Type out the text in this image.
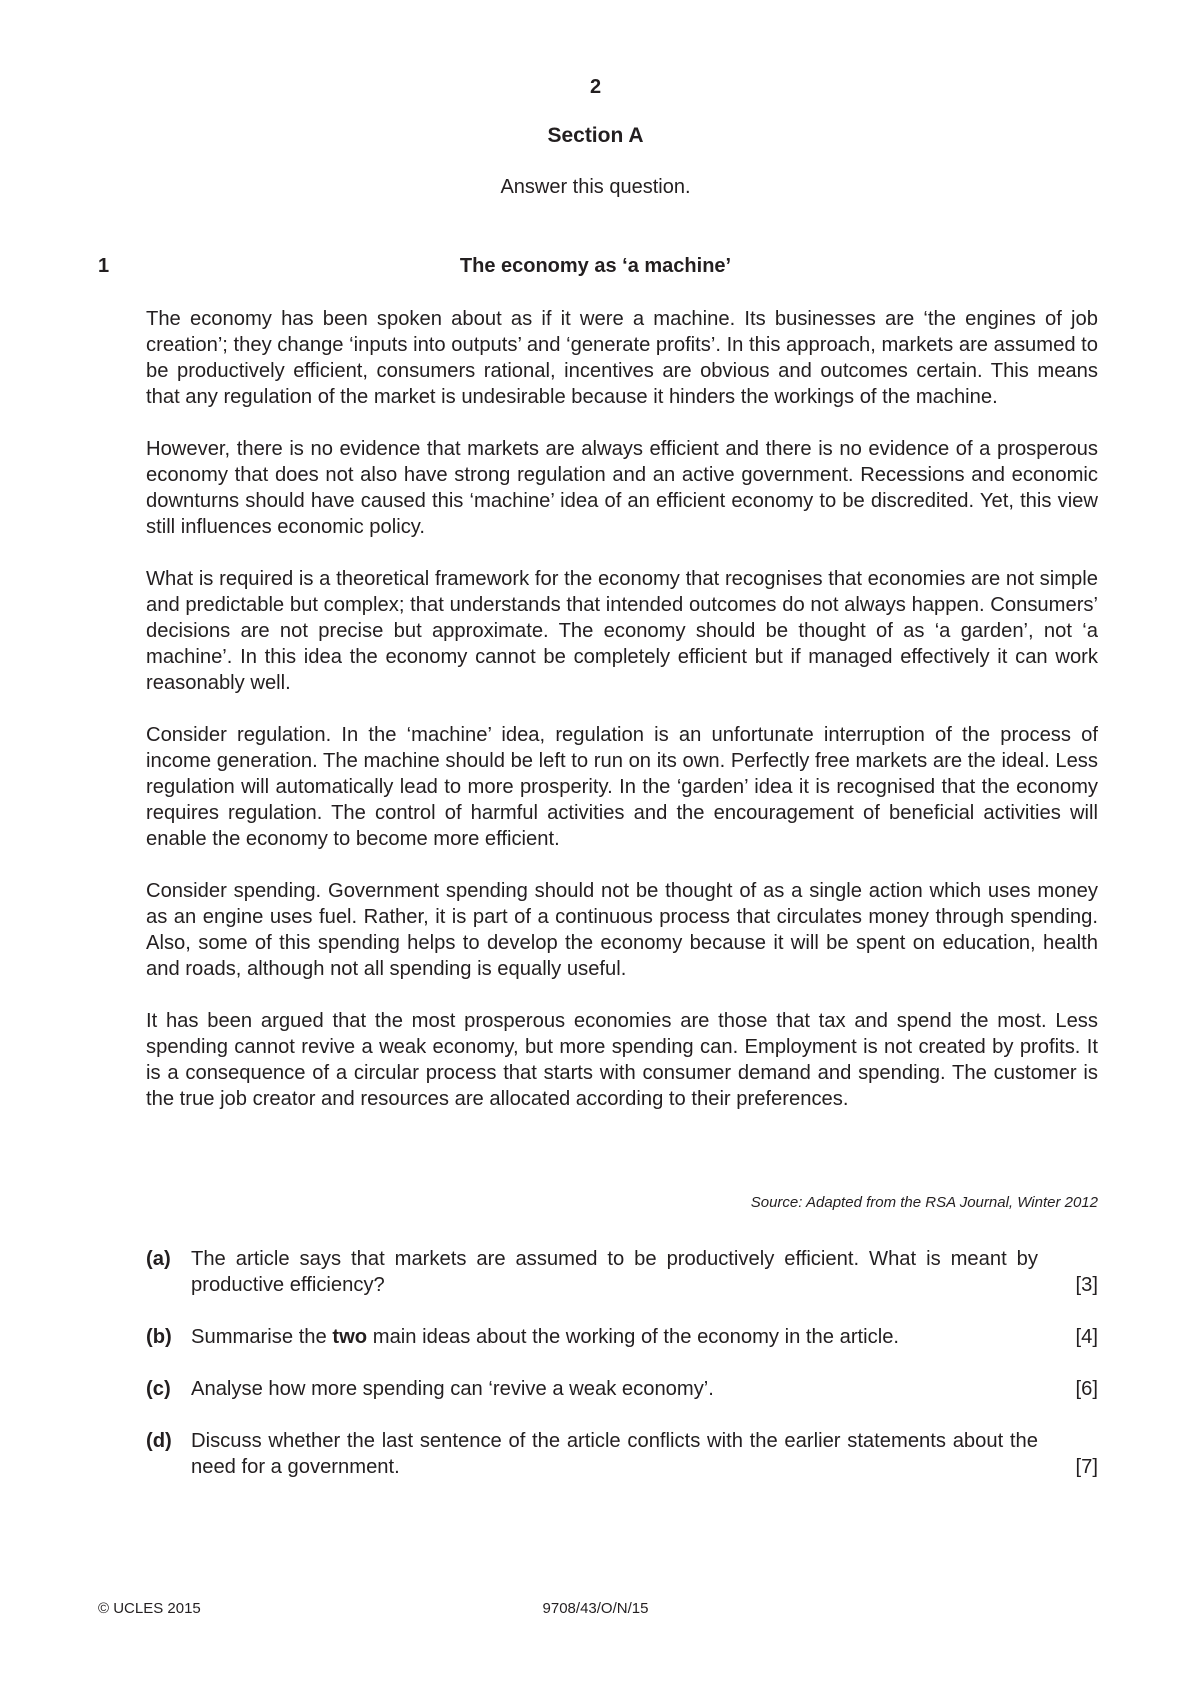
2
Section A
Answer this question.
1	The economy as ‘a machine’

The economy has been spoken about as if it were a machine. Its businesses are ‘the engines of job creation’; they change ‘inputs into outputs’ and ‘generate profits’. In this approach, markets are assumed to be productively efficient, consumers rational, incentives are obvious and outcomes certain. This means that any regulation of the market is undesirable because it hinders the workings of the machine.

However, there is no evidence that markets are always efficient and there is no evidence of a prosperous economy that does not also have strong regulation and an active government. Recessions and economic downturns should have caused this ‘machine’ idea of an efficient economy to be discredited. Yet, this view still influences economic policy.

What is required is a theoretical framework for the economy that recognises that economies are not simple and predictable but complex; that understands that intended outcomes do not always happen. Consumers’ decisions are not precise but approximate. The economy should be thought of as ‘a garden’, not ‘a machine’. In this idea the economy cannot be completely efficient but if managed effectively it can work reasonably well.

Consider regulation. In the ‘machine’ idea, regulation is an unfortunate interruption of the process of income generation. The machine should be left to run on its own. Perfectly free markets are the ideal. Less regulation will automatically lead to more prosperity. In the ‘garden’ idea it is recognised that the economy requires regulation. The control of harmful activities and the encouragement of beneficial activities will enable the economy to become more efficient.

Consider spending. Government spending should not be thought of as a single action which uses money as an engine uses fuel. Rather, it is part of a continuous process that circulates money through spending. Also, some of this spending helps to develop the economy because it will be spent on education, health and roads, although not all spending is equally useful.

It has been argued that the most prosperous economies are those that tax and spend the most. Less spending cannot revive a weak economy, but more spending can. Employment is not created by profits. It is a consequence of a circular process that starts with consumer demand and spending. The customer is the true job creator and resources are allocated according to their preferences.

Source: Adapted from the RSA Journal, Winter 2012
(a)	The article says that markets are assumed to be productively efficient. What is meant by productive efficiency?	[3]
(b) Summarise the two main ideas about the working of the economy in the article.	[4]
(c)	Analyse how more spending can ‘revive a weak economy’.	[6]
(d) Discuss whether the last sentence of the article conflicts with the earlier statements about the need for a government.	[7]
© UCLES 2015	9708/43/O/N/15
